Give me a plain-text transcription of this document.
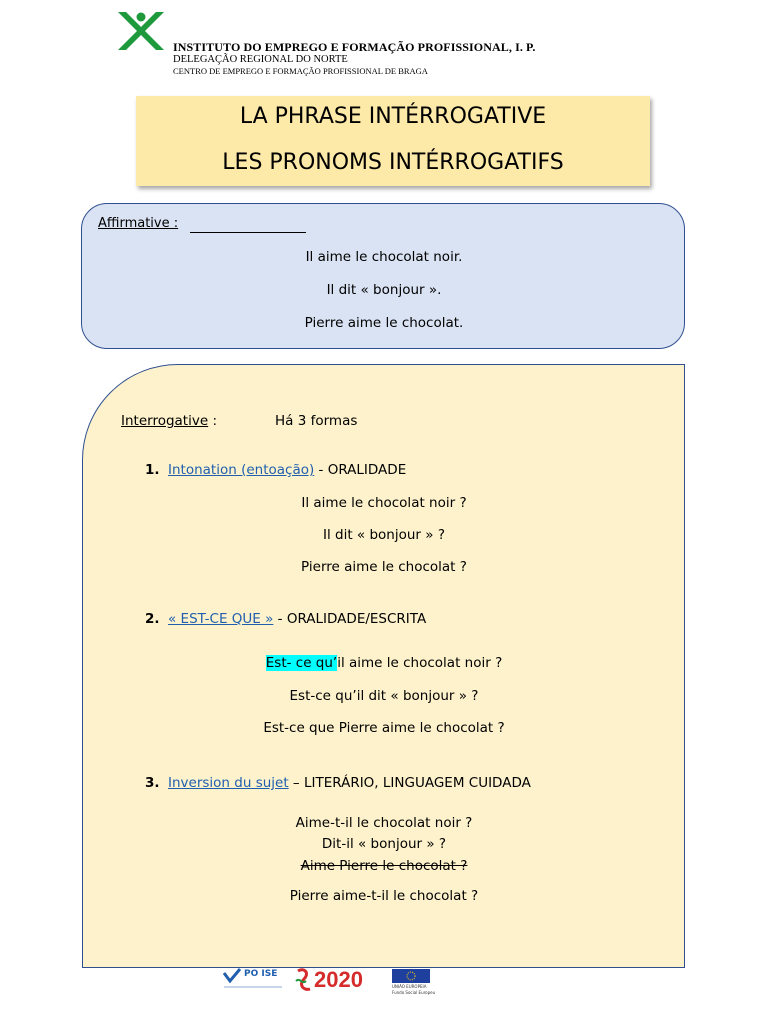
INSTITUTO DO EMPREGO E FORMAÇÃO PROFISSIONAL, I. P.
DELEGAÇÃO REGIONAL DO NORTE
CENTRO DE EMPREGO E FORMAÇÃO PROFISSIONAL DE BRAGA
LA PHRASE INTÉRROGATIVE
LES PRONOMS INTÉRROGATIFS
Affirmative :
Il aime le chocolat noir.
Il dit « bonjour ».
Pierre aime le chocolat.
Interrogative :	Há 3 formas
1. Intonation (entoação) - ORALIDADE
Il aime le chocolat noir ?
Il dit « bonjour » ?
Pierre aime le chocolat ?
2. « EST-CE QUE » - ORALIDADE/ESCRITA
Est- ce qu’il aime le chocolat noir ?
Est-ce qu’il dit « bonjour » ?
Est-ce que Pierre aime le chocolat ?
3. Inversion du sujet – LITERÁRIO, LINGUAGEM CUIDADA
Aime-t-il le chocolat noir ?
Dit-il « bonjour » ?
Aime Pierre le chocolat ?
Pierre aime-t-il le chocolat ?
PO ISE 2020	UNIÃO EUROPEIA
Fundo Social Europeu
